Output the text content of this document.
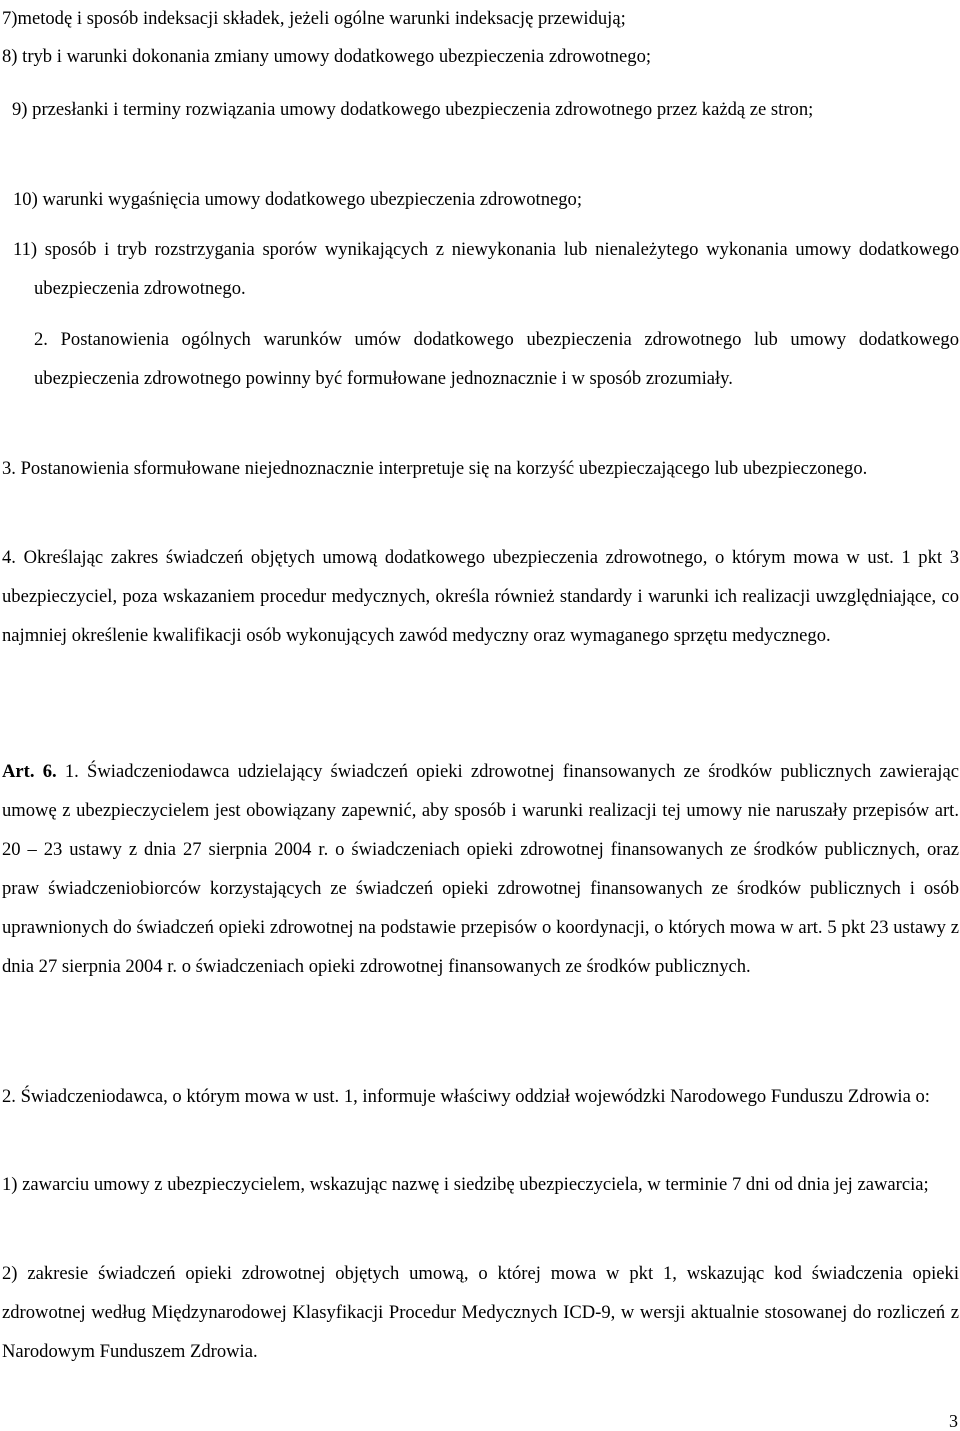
7)metodę i sposób indeksacji składek, jeżeli ogólne warunki indeksację przewidują;

8) tryb i warunki dokonania zmiany umowy dodatkowego ubezpieczenia zdrowotnego;

9) przesłanki i terminy rozwiązania umowy dodatkowego ubezpieczenia zdrowotnego przez każdą ze stron;

10) warunki wygaśnięcia umowy dodatkowego ubezpieczenia zdrowotnego;

11) sposób i tryb rozstrzygania sporów wynikających z niewykonania lub nienależytego wykonania umowy dodatkowego ubezpieczenia zdrowotnego.

2. Postanowienia ogólnych warunków umów dodatkowego ubezpieczenia zdrowotnego lub umowy dodatkowego ubezpieczenia zdrowotnego powinny być formułowane jednoznacznie i w sposób zrozumiały.

3. Postanowienia sformułowane niejednoznacznie interpretuje się na korzyść ubezpieczającego lub ubezpieczonego.

4. Określając zakres świadczeń objętych umową dodatkowego ubezpieczenia zdrowotnego, o którym mowa w ust. 1 pkt 3 ubezpieczyciel, poza wskazaniem procedur medycznych, określa również standardy i warunki ich realizacji uwzględniające, co najmniej określenie kwalifikacji osób wykonujących zawód medyczny oraz wymaganego sprzętu medycznego.

Art. 6. 1. Świadczeniodawca udzielający świadczeń opieki zdrowotnej finansowanych ze środków publicznych zawierając umowę z ubezpieczycielem jest obowiązany zapewnić, aby sposób i warunki realizacji tej umowy nie naruszały przepisów art. 20 – 23 ustawy z dnia 27 sierpnia 2004 r. o świadczeniach opieki zdrowotnej finansowanych ze środków publicznych, oraz praw świadczeniobiorców korzystających ze świadczeń opieki zdrowotnej finansowanych ze środków publicznych i osób uprawnionych do świadczeń opieki zdrowotnej na podstawie przepisów o koordynacji, o których mowa w art. 5 pkt 23 ustawy z dnia 27 sierpnia 2004 r. o świadczeniach opieki zdrowotnej finansowanych ze środków publicznych.

2. Świadczeniodawca, o którym mowa w ust. 1, informuje właściwy oddział wojewódzki Narodowego Funduszu Zdrowia o:

1) zawarciu umowy z ubezpieczycielem, wskazując nazwę i siedzibę ubezpieczyciela, w terminie 7 dni od dnia jej zawarcia;

2) zakresie świadczeń opieki zdrowotnej objętych umową, o której mowa w pkt 1, wskazując kod świadczenia opieki zdrowotnej według Międzynarodowej Klasyfikacji Procedur Medycznych ICD-9, w wersji aktualnie stosowanej do rozliczeń z Narodowym Funduszem Zdrowia.

3
